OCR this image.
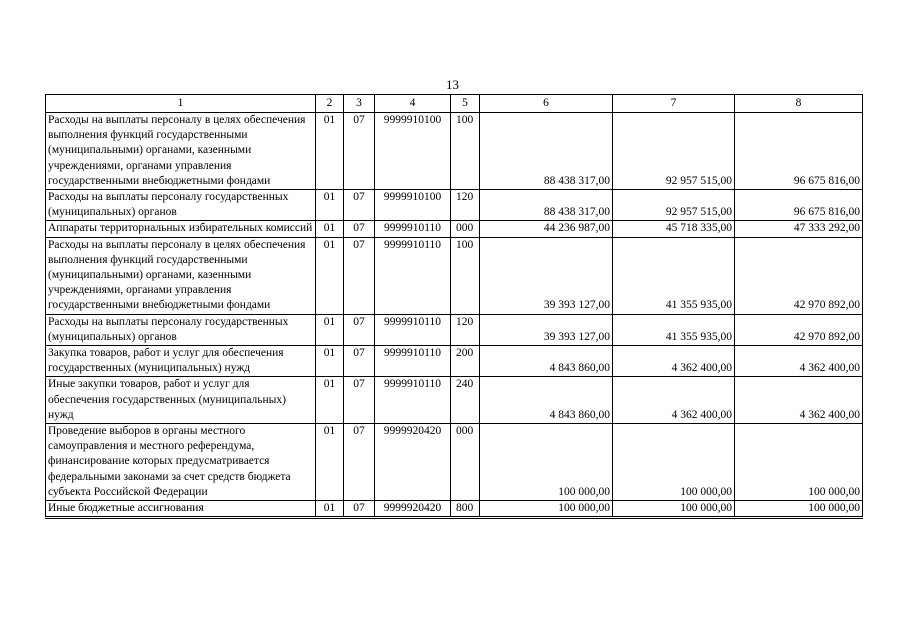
13
1	2	3	4	5	6	7	8
Расходы на выплаты персоналу в целях обеспечения выполнения функций государственными (муниципальными) органами, казенными учреждениями, органами управления государственными внебюджетными фондами	01	07	9999910100	100	88 438 317,00	92 957 515,00	96 675 816,00
Расходы на выплаты персоналу государственных (муниципальных) органов	01	07	9999910100	120	88 438 317,00	92 957 515,00	96 675 816,00
Аппараты территориальных избирательных комиссий	01	07	9999910110	000	44 236 987,00	45 718 335,00	47 333 292,00
Расходы на выплаты персоналу в целях обеспечения выполнения функций государственными (муниципальными) органами, казенными учреждениями, органами управления государственными внебюджетными фондами	01	07	9999910110	100	39 393 127,00	41 355 935,00	42 970 892,00
Расходы на выплаты персоналу государственных (муниципальных) органов	01	07	9999910110	120	39 393 127,00	41 355 935,00	42 970 892,00
Закупка товаров, работ и услуг для обеспечения государственных (муниципальных) нужд	01	07	9999910110	200	4 843 860,00	4 362 400,00	4 362 400,00
Иные закупки товаров, работ и услуг для обеспечения государственных (муниципальных) нужд	01	07	9999910110	240	4 843 860,00	4 362 400,00	4 362 400,00
Проведение выборов в органы местного самоуправления и местного референдума, финансирование которых предусматривается федеральными законами за счет средств бюджета субъекта Российской Федерации	01	07	9999920420	000	100 000,00	100 000,00	100 000,00
Иные бюджетные ассигнования	01	07	9999920420	800	100 000,00	100 000,00	100 000,00
